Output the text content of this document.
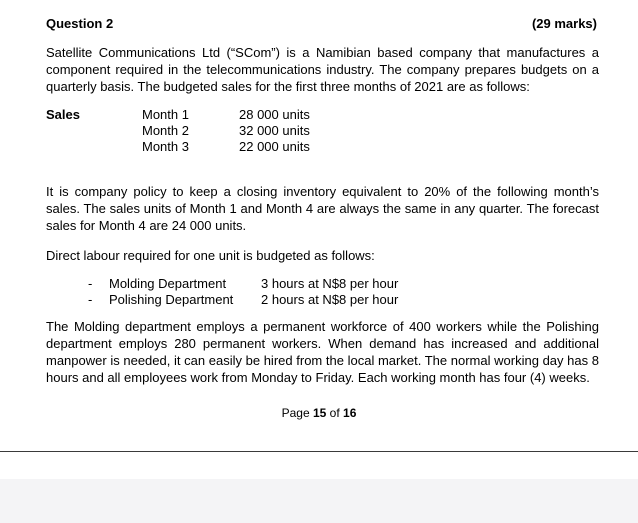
Question 2	(29 marks)

Satellite Communications Ltd (“SCom”) is a Namibian based company that manufactures a component required in the telecommunications industry. The company prepares budgets on a quarterly basis. The budgeted sales for the first three months of 2021 are as follows:

Sales	Month 1	28 000 units
Month 2	32 000 units
Month 3	22 000 units

It is company policy to keep a closing inventory equivalent to 20% of the following month’s sales. The sales units of Month 1 and Month 4 are always the same in any quarter. The forecast sales for Month 4 are 24 000 units.

Direct labour required for one unit is budgeted as follows:

- Molding Department	3 hours at N$8 per hour
- Polishing Department 2 hours at N$8 per hour

The Molding department employs a permanent workforce of 400 workers while the Polishing department employs 280 permanent workers. When demand has increased and additional manpower is needed, it can easily be hired from the local market. The normal working day has 8 hours and all employees work from Monday to Friday. Each working month has four (4) weeks.

Page 15 of 16
